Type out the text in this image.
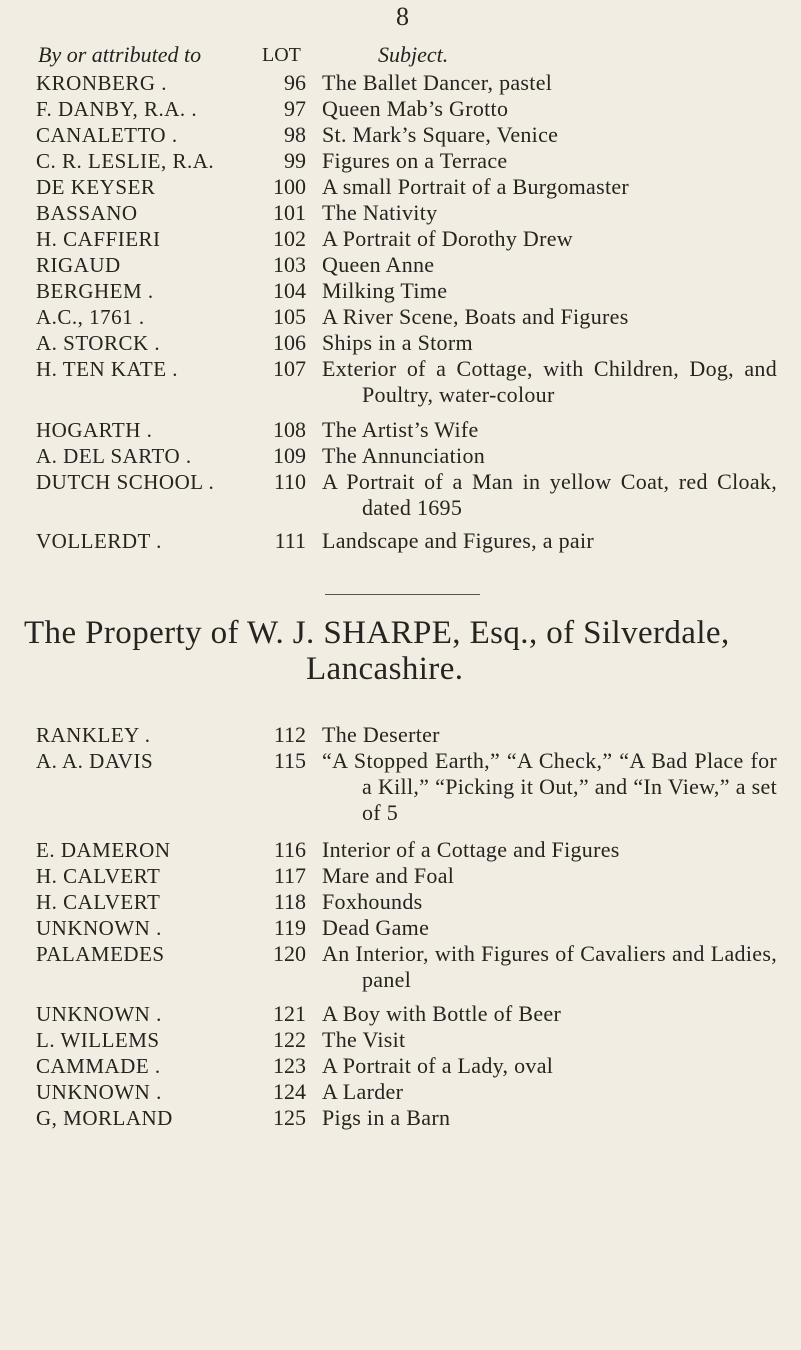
8
By or attributed to	LOT	Subject.
KRONBERG .	96 The Ballet Dancer, pastel
F. DANBY, R.A. .	97 Queen Mab’s Grotto
CANALETTO .	98 St. Mark’s Square, Venice
C. R. LESLIE, R.A.	99 Figures on a Terrace
DE KEYSER	100 A small Portrait of a Burgomaster
BASSANO	101 The Nativity
H. CAFFIERI	102 A Portrait of Dorothy Drew
RIGAUD	103 Queen Anne
BERGHEM .	104 Milking Time
A.C., 1761 .	105 A River Scene, Boats and Figures
A. STORCK .	106 Ships in a Storm
H. TEN KATE .	107 Exterior of a Cottage, with Children, Dog, and Poultry, water-colour
HOGARTH .	108 The Artist’s Wife
A. DEL SARTO .	109 The Annunciation
DUTCH SCHOOL .	110 A Portrait of a Man in yellow Coat, red Cloak, dated 1695
VOLLERDT .	111 Landscape and Figures, a pair
The Property of W. J. SHARPE, Esq., of Silverdale,
Lancashire.
RANKLEY .	112 The Deserter
A. A. DAVIS	115 “A Stopped Earth,” “A Check,” “A Bad Place for a Kill,” “Picking it Out,” and “In View,” a set of 5
E. DAMERON	116 Interior of a Cottage and Figures
H. CALVERT	117 Mare and Foal
H. CALVERT	118 Foxhounds
UNKNOWN .	119 Dead Game
PALAMEDES	120 An Interior, with Figures of Cavaliers and Ladies, panel
UNKNOWN .	121 A Boy with Bottle of Beer
L. WILLEMS	122 The Visit
CAMMADE .	123 A Portrait of a Lady, oval
UNKNOWN .	124 A Larder
G, MORLAND	125 Pigs in a Barn
